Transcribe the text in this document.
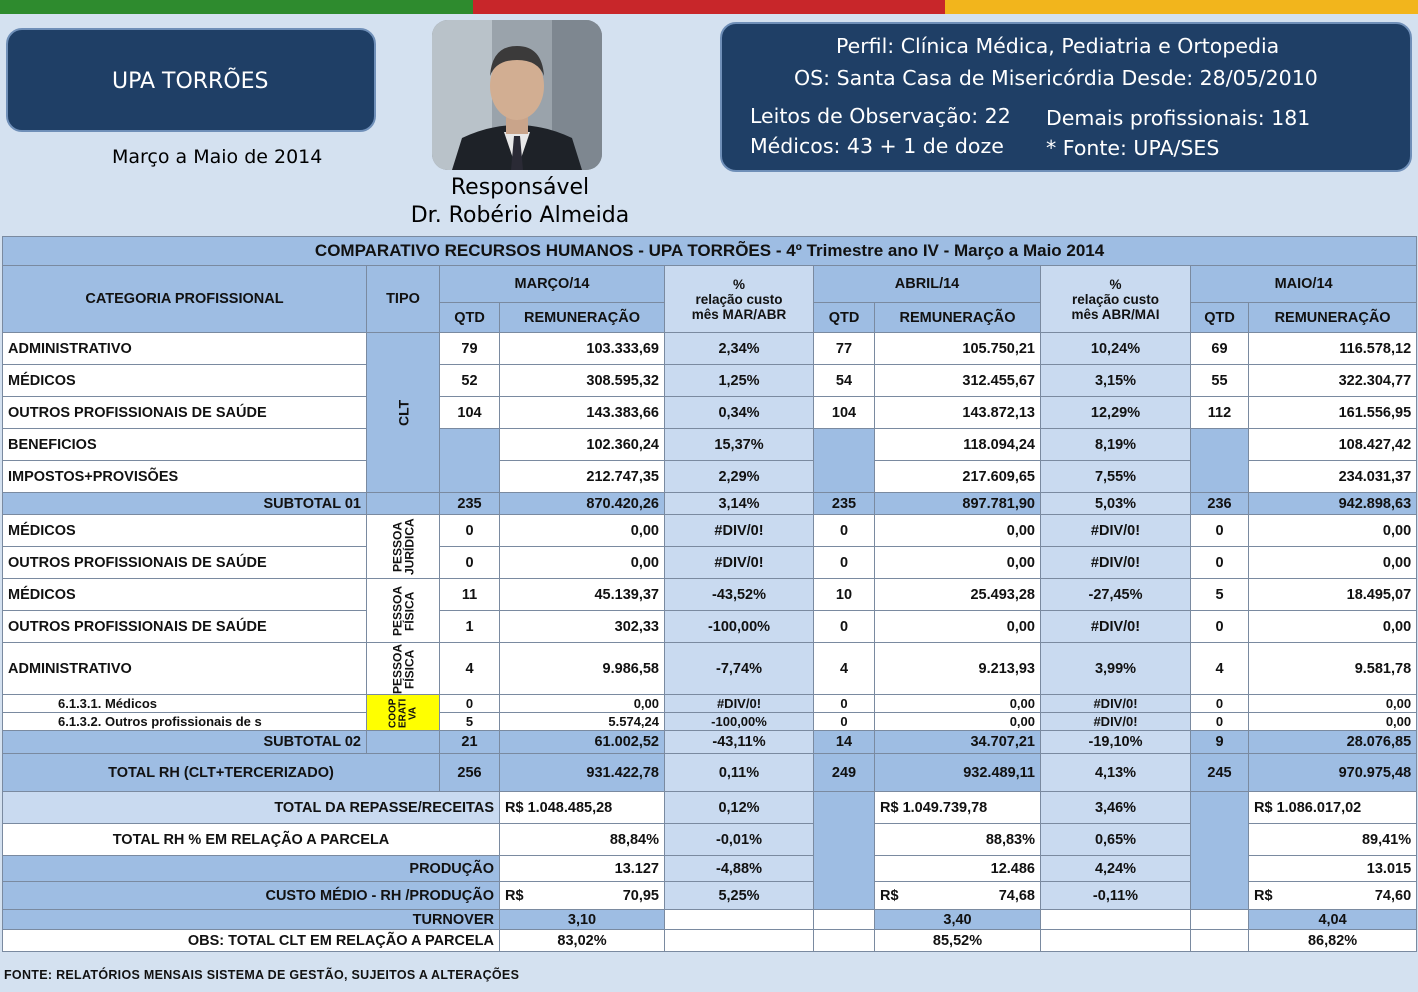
UPA TORRÕES
Março a Maio de 2014
Responsável
Dr. Robério Almeida
Perfil: Clínica Médica, Pediatria e Ortopedia
OS: Santa Casa de Misericórdia Desde: 28/05/2010
Leitos de Observação: 22 Demais profissionais: 181
Médicos: 43 + 1 de doze * Fonte: UPA/SES
COMPARATIVO RECURSOS HUMANOS - UPA TORRÕES - 4º Trimestre ano IV - Março a Maio 2014									
CATEGORIA PROFISSIONAL	TIPO	MARÇO/14		%
relação custo
mês MAR/ABR	ABRIL/14		%
relação custo
mês ABR/MAI	MAIO/14	
		QTD	REMUNERAÇÃO		QTD	REMUNERAÇÃO		QTD	REMUNERAÇÃO
ADMINISTRATIVO	CLT	79	103.333,69	2,34%	77	105.750,21	10,24%	69	116.578,12
MÉDICOS		52	308.595,32	1,25%	54	312.455,67	3,15%	55	322.304,77
OUTROS PROFISSIONAIS DE SAÚDE		104	143.383,66	0,34%	104	143.872,13	12,29%	112	161.556,95
BENEFICIOS			102.360,24	15,37%		118.094,24	8,19%		108.427,42
IMPOSTOS+PROVISÕES			212.747,35	2,29%		217.609,65	7,55%		234.031,37
SUBTOTAL 01		235	870.420,26	3,14%	235	897.781,90	5,03%	236	942.898,63
MÉDICOS	PESSOA
JURÍDICA	0	0,00	#DIV/0!	0	0,00	#DIV/0!	0	0,00
OUTROS PROFISSIONAIS DE SAÚDE		0	0,00	#DIV/0!	0	0,00	#DIV/0!	0	0,00
MÉDICOS	PESSOA
FÍSICA	11	45.139,37	-43,52%	10	25.493,28	-27,45%	5	18.495,07
OUTROS PROFISSIONAIS DE SAÚDE		1	302,33	-100,00%	0	0,00	#DIV/0!	0	0,00
ADMINISTRATIVO	PESSOA
FÍSICA	4	9.986,58	-7,74%	4	9.213,93	3,99%	4	9.581,78
6.1.3.1. Médicos	COOP
ERATI
VA	0	0,00	#DIV/0!	0	0,00	#DIV/0!	0	0,00
6.1.3.2. Outros profissionais de s		5	5.574,24	-100,00%	0	0,00	#DIV/0!	0	0,00
SUBTOTAL 02		21	61.002,52	-43,11%	14	34.707,21	-19,10%	9	28.076,85
TOTAL RH (CLT+TERCERIZADO)		256	931.422,78	0,11%	249	932.489,11	4,13%	245	970.975,48
TOTAL DA REPASSE/RECEITAS			R$ 1.048.485,28	0,12%		R$ 1.049.739,78	3,46%		R$ 1.086.017,02
TOTAL RH % EM RELAÇÃO A PARCELA			88,84%	-0,01%		88,83%	0,65%		89,41%
PRODUÇÃO			13.127	-4,88%		12.486	4,24%		13.015
CUSTO MÉDIO - RH /PRODUÇÃO			R$ 70,95	5,25%		R$ 74,68	-0,11%		R$ 74,60
TURNOVER			3,10			3,40			4,04
OBS: TOTAL CLT EM RELAÇÃO A PARCELA			83,02%			85,52%			86,82%
FONTE: RELATÓRIOS MENSAIS SISTEMA DE GESTÃO, SUJEITOS A ALTERAÇÕES
